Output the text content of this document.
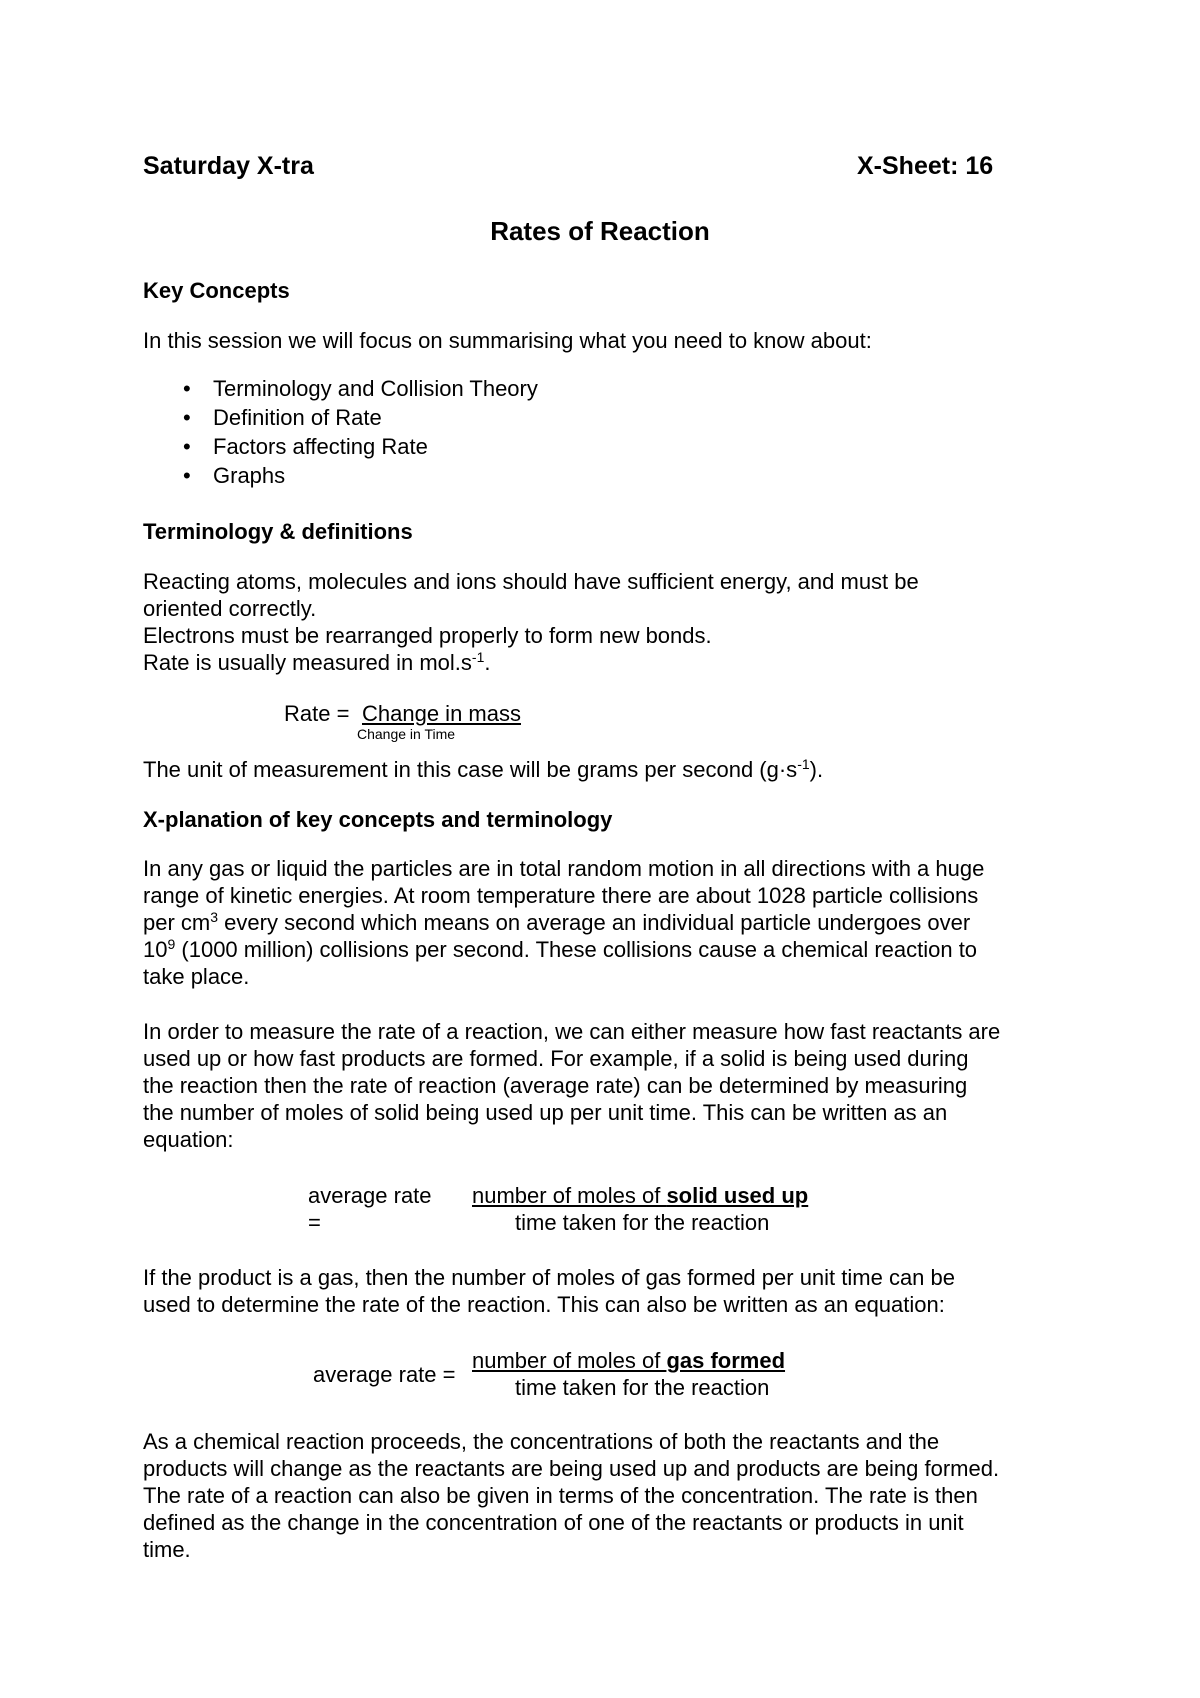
Saturday X-tra	X-Sheet: 16
Rates of Reaction
Key Concepts
In this session we will focus on summarising what you need to know about:
• Terminology and Collision Theory
• Definition of Rate
• Factors affecting Rate
• Graphs
Terminology & definitions

Reacting atoms, molecules and ions should have sufficient energy, and must be

oriented correctly.

Electrons must be rearranged properly to form new bonds.

Rate is usually measured in $mol.s^{-1}$.

Rate = Change in mass
Change in Time
The unit of measurement in this case will be grams per second $(g\cdot s^{-1})$.
X-planation of key concepts and terminology

In any gas or liquid the particles are in total random motion in all directions with a huge

range of kinetic energies. At room temperature there are about 1028 particle collisions

per $cm^3$ every second which means on average an individual particle undergoes over

$10^9$ (1000 million) collisions per second. These collisions cause a chemical reaction to

take place.

In order to measure the rate of a reaction, we can either measure how fast reactants are

used up or how fast products are formed. For example, if a solid is being used during

the reaction then the rate of reaction (average rate) can be determined by measuring

the number of moles of solid being used up per unit time. This can be written as an

equation:

average rate
=
number of moles of solid used up
time taken for the reaction

If the product is a gas, then the number of moles of gas formed per unit time can be

used to determine the rate of the reaction. This can also be written as an equation:

average rate =
number of moles of gas formed
time taken for the reaction

As a chemical reaction proceeds, the concentrations of both the reactants and the

products will change as the reactants are being used up and products are being formed.

The rate of a reaction can also be given in terms of the concentration. The rate is then

defined as the change in the concentration of one of the reactants or products in unit

time.
